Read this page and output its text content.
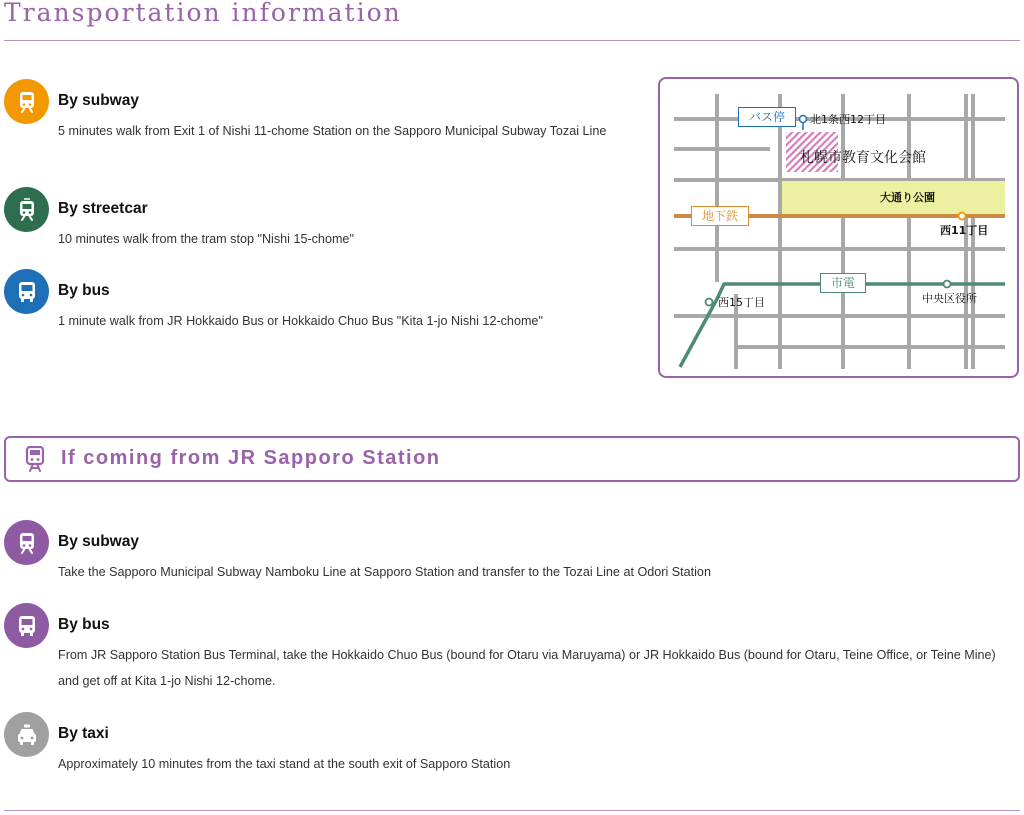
Transportation information

By subway

5 minutes walk from Exit 1 of Nishi 11-chome Station on the Sapporo Municipal Subway Tozai Line

By streetcar

10 minutes walk from the tram stop "Nishi 15-chome"

By bus

1 minute walk from JR Hokkaido Bus or Hokkaido Chuo Bus "Kita 1-jo Nishi 12-chome"

バス停	北1条西12丁目
札幌市教育文化会館
大通り公園
地下鉄
西11丁目
市電
西15丁目	中央区役所

If coming from JR Sapporo Station

By subway

Take the Sapporo Municipal Subway Namboku Line at Sapporo Station and transfer to the Tozai Line at Odori Station

By bus

From JR Sapporo Station Bus Terminal, take the Hokkaido Chuo Bus (bound for Otaru via Maruyama) or JR Hokkaido Bus (bound for Otaru, Teine Office, or Teine Mine) and get off at Kita 1-jo Nishi 12-chome.

By taxi

Approximately 10 minutes from the taxi stand at the south exit of Sapporo Station
